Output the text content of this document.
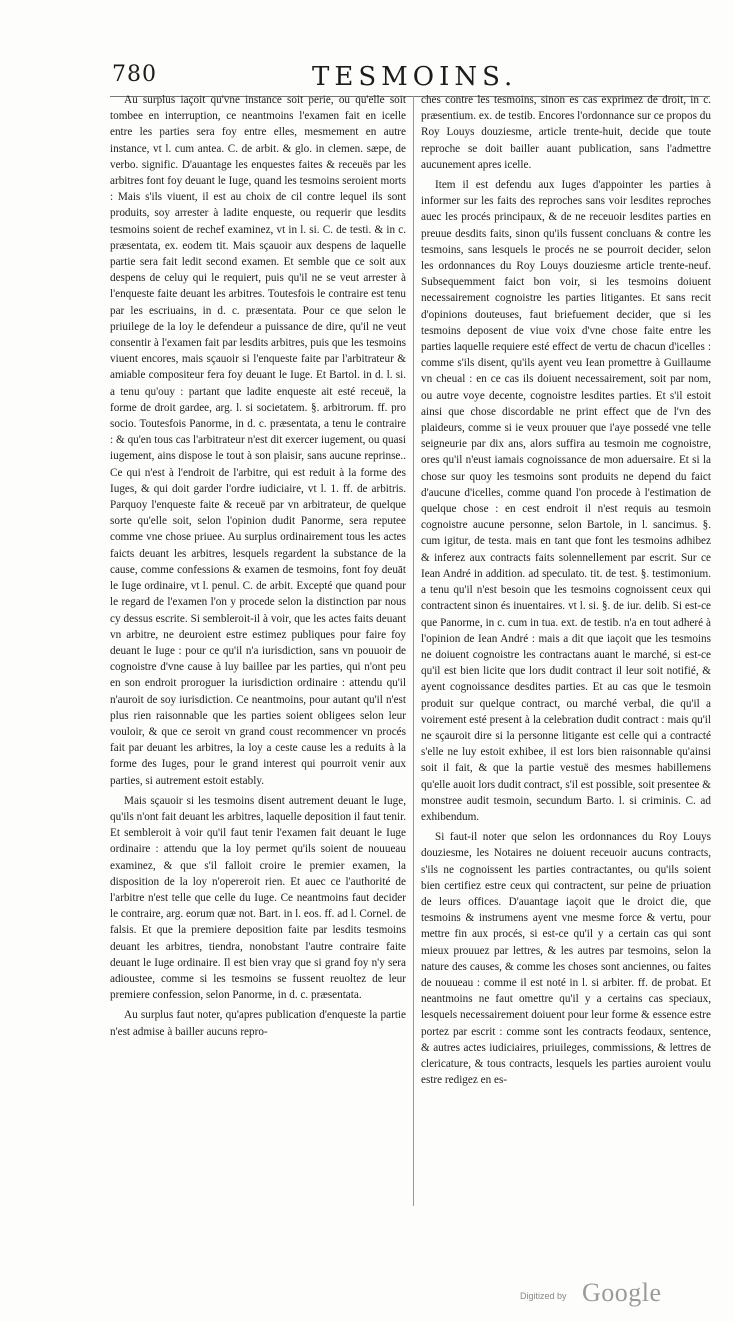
780	TESMOINS.

Au surplus iaçoit qu'vne instance soit perie, ou qu'elle soit tombee en interruption, ce neantmoins l'examen fait en icelle entre les parties sera foy entre elles, mesmement en autre instance, vt l. cum antea. C. de arbit. & glo. in clemen. sæpe, de verbo. signific. D'auantage les enquestes faites & receuës par les arbitres font foy deuant le Iuge, quand les tesmoins seroient morts : Mais s'ils viuent, il est au choix de cil contre lequel ils sont produits, soy arrester à ladite enqueste, ou requerir que lesdits tesmoins soient de rechef examinez, vt in l. si. C. de testi. & in c. præsentata, ex. eodem tit. Mais sçauoir aux despens de laquelle partie sera fait ledit second examen. Et semble que ce soit aux despens de celuy qui le requiert, puis qu'il ne se veut arrester à l'enqueste faite deuant les arbitres. Toutesfois le contraire est tenu par les escriuains, in d. c. præsentata. Pour ce que selon le priuilege de la loy le defendeur a puissance de dire, qu'il ne veut consentir à l'examen fait par lesdits arbitres, puis que les tesmoins viuent encores, mais sçauoir si l'enqueste faite par l'arbitrateur & amiable compositeur fera foy deuant le Iuge. Et Bartol. in d. l. si. a tenu qu'ouy : partant que ladite enqueste ait esté receuë, la forme de droit gardee, arg. l. si societatem. §. arbitrorum. ff. pro socio. Toutesfois Panorme, in d. c. præsentata, a tenu le contraire : & qu'en tous cas l'arbitrateur n'est dit exercer iugement, ou quasi iugement, ains dispose le tout à son plaisir, sans aucune reprinse.. Ce qui n'est à l'endroit de l'arbitre, qui est reduit à la forme des Iuges, & qui doit garder l'ordre iudiciaire, vt l. 1. ff. de arbitris. Parquoy l'enqueste faite & receuë par vn arbitrateur, de quelque sorte qu'elle soit, selon l'opinion dudit Panorme, sera reputee comme vne chose priuee. Au surplus ordinairement tous les actes faicts deuant les arbitres, lesquels regardent la substance de la cause, comme confessions & examen de tesmoins, font foy deuāt le Iuge ordinaire, vt l. penul. C. de arbit. Excepté que quand pour le regard de l'examen l'on y procede selon la distinction par nous cy dessus escrite. Si sembleroit-il à voir, que les actes faits deuant vn arbitre, ne deuroient estre estimez publiques pour faire foy deuant le Iuge : pour ce qu'il n'a iurisdiction, sans vn pouuoir de cognoistre d'vne cause à luy baillee par les parties, qui n'ont peu en son endroit proroguer la iurisdiction ordinaire : attendu qu'il n'auroit de soy iurisdiction. Ce neantmoins, pour autant qu'il n'est plus rien raisonnable que les parties soient obligees selon leur vouloir, & que ce seroit vn grand coust recommencer vn procés fait par deuant les arbitres, la loy a ceste cause les a reduits à la forme des Iuges, pour le grand interest qui pourroit venir aux parties, si autrement estoit estably.

Mais sçauoir si les tesmoins disent autrement deuant le Iuge, qu'ils n'ont fait deuant les arbitres, laquelle deposition il faut tenir. Et sembleroit à voir qu'il faut tenir l'examen fait deuant le Iuge ordinaire : attendu que la loy permet qu'ils soient de nouueau examinez, & que s'il falloit croire le premier examen, la disposition de la loy n'opereroit rien. Et auec ce l'authorité de l'arbitre n'est telle que celle du Iuge. Ce neantmoins faut decider le contraire, arg. eorum quæ not. Bart. in l. eos. ff. ad l. Cornel. de falsis. Et que la premiere deposition faite par lesdits tesmoins deuant les arbitres, tiendra, nonobstant l'autre contraire faite deuant le Iuge ordinaire. Il est bien vray que si grand foy n'y sera adioustee, comme si les tesmoins se fussent reuoltez de leur premiere confession, selon Panorme, in d. c. præsentata.

Au surplus faut noter, qu'apres publication d'enqueste la partie n'est admise à bailler aucuns repro-

ches contre les tesmoins, sinon es cas exprimez de droit, in c. præsentium. ex. de testib. Encores l'ordonnance sur ce propos du Roy Louys douziesme, article trente-huit, decide que toute reproche se doit bailler auant publication, sans l'admettre aucunement apres icelle.

Item il est defendu aux Iuges d'appointer les parties à informer sur les faits des reproches sans voir lesdites reproches auec les procés principaux, & de ne receuoir lesdites parties en preuue desdits faits, sinon qu'ils fussent concluans & contre les tesmoins, sans lesquels le procés ne se pourroit decider, selon les ordonnances du Roy Louys douziesme article trente-neuf. Subsequemment faict bon voir, si les tesmoins doiuent necessairement cognoistre les parties litigantes. Et sans recit d'opinions douteuses, faut briefuement decider, que si les tesmoins deposent de viue voix d'vne chose faite entre les parties laquelle requiere esté effect de vertu de chacun d'icelles : comme s'ils disent, qu'ils ayent veu Iean promettre à Guillaume vn cheual : en ce cas ils doiuent necessairement, soit par nom, ou autre voye decente, cognoistre lesdites parties. Et s'il estoit ainsi que chose discordable ne print effect que de l'vn des plaideurs, comme si ie veux prouuer que i'aye possedé vne telle seigneurie par dix ans, alors suffira au tesmoin me cognoistre, ores qu'il n'eust iamais cognoissance de mon aduersaire. Et si la chose sur quoy les tesmoins sont produits ne depend du faict d'aucune d'icelles, comme quand l'on procede à l'estimation de quelque chose : en cest endroit il n'est requis au tesmoin cognoistre aucune personne, selon Bartole, in l. sancimus. §. cum igitur, de testa. mais en tant que font les tesmoins adhibez & inferez aux contracts faits solennellement par escrit. Sur ce Iean André in addition. ad speculato. tit. de test. §. testimonium. a tenu qu'il n'est besoin que les tesmoins cognoissent ceux qui contractent sinon és inuentaires. vt l. si. §. de iur. delib. Si est-ce que Panorme, in c. cum in tua. ext. de testib. n'a en tout adheré à l'opinion de Iean André : mais a dit que iaçoit que les tesmoins ne doiuent cognoistre les contractans auant le marché, si est-ce qu'il est bien licite que lors dudit contract il leur soit notifié, & ayent cognoissance desdites parties. Et au cas que le tesmoin produit sur quelque contract, ou marché verbal, die qu'il a voirement esté present à la celebration dudit contract : mais qu'il ne sçauroit dire si la personne litigante est celle qui a contracté s'elle ne luy estoit exhibee, il est lors bien raisonnable qu'ainsi soit il fait, & que la partie vestuë des mesmes habillemens qu'elle auoit lors dudit contract, s'il est possible, soit presentee & monstree audit tesmoin, secundum Barto. l. si criminis. C. ad exhibendum.

Si faut-il noter que selon les ordonnances du Roy Louys douziesme, les Notaires ne doiuent receuoir aucuns contracts, s'ils ne cognoissent les parties contractantes, ou qu'ils soient bien certifiez estre ceux qui contractent, sur peine de priuation de leurs offices. D'auantage iaçoit que le droict die, que tesmoins & instrumens ayent vne mesme force & vertu, pour mettre fin aux procés, si est-ce qu'il y a certain cas qui sont mieux prouuez par lettres, & les autres par tesmoins, selon la nature des causes, & comme les choses sont anciennes, ou faites de nouueau : comme il est noté in l. si arbiter. ff. de probat. Et neantmoins ne faut omettre qu'il y a certains cas speciaux, lesquels necessairement doiuent pour leur forme & essence estre portez par escrit : comme sont les contracts feodaux, sentence, & autres actes iudiciaires, priuileges, commissions, & lettres de clericature, & tous contracts, lesquels les parties auroient voulu estre redigez en es-

Digitized by Google
